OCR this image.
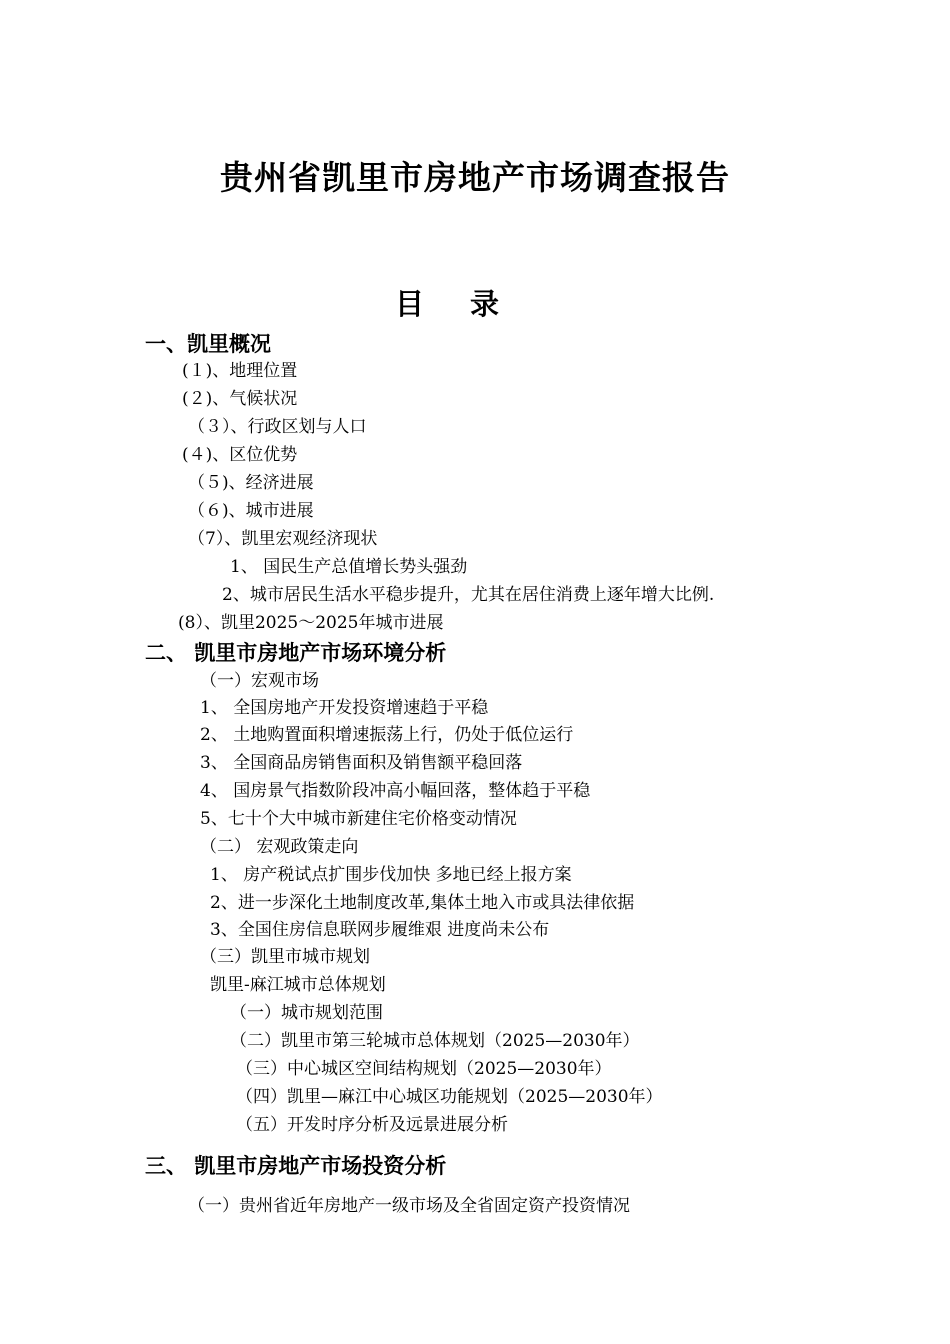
贵州省凯里市房地产市场调查报告
目 录
一、凯里概况
(１)、地理位置
(２)、气候状况
（３）、行政区划与人口
(４)、区位优势
（５)、经济进展
（６)、城市进展
（7）、凯里宏观经济现状
1、 国民生产总值增长势头强劲
2、城市居民生活水平稳步提升，尤其在居住消费上逐年增大比例.
(8）、凯里2025～2025年城市进展
二、 凯里市房地产市场环境分析
（一）宏观市场
1、 全国房地产开发投资增速趋于平稳
2、 土地购置面积增速振荡上行，仍处于低位运行
3、 全国商品房销售面积及销售额平稳回落
4、 国房景气指数阶段冲高小幅回落，整体趋于平稳
5、七十个大中城市新建住宅价格变动情况
（二） 宏观政策走向
1、 房产税试点扩围步伐加快 多地已经上报方案
2、进一步深化土地制度改革,集体土地入市或具法律依据
3、全国住房信息联网步履维艰 进度尚未公布
（三）凯里市城市规划
凯里-麻江城市总体规划
（一）城市规划范围
（二）凯里市第三轮城市总体规划（2025—2030年）
（三）中心城区空间结构规划（2025—2030年）
（四）凯里—麻江中心城区功能规划（2025—2030年）
（五）开发时序分析及远景进展分析
三、 凯里市房地产市场投资分析
（一）贵州省近年房地产一级市场及全省固定资产投资情况
